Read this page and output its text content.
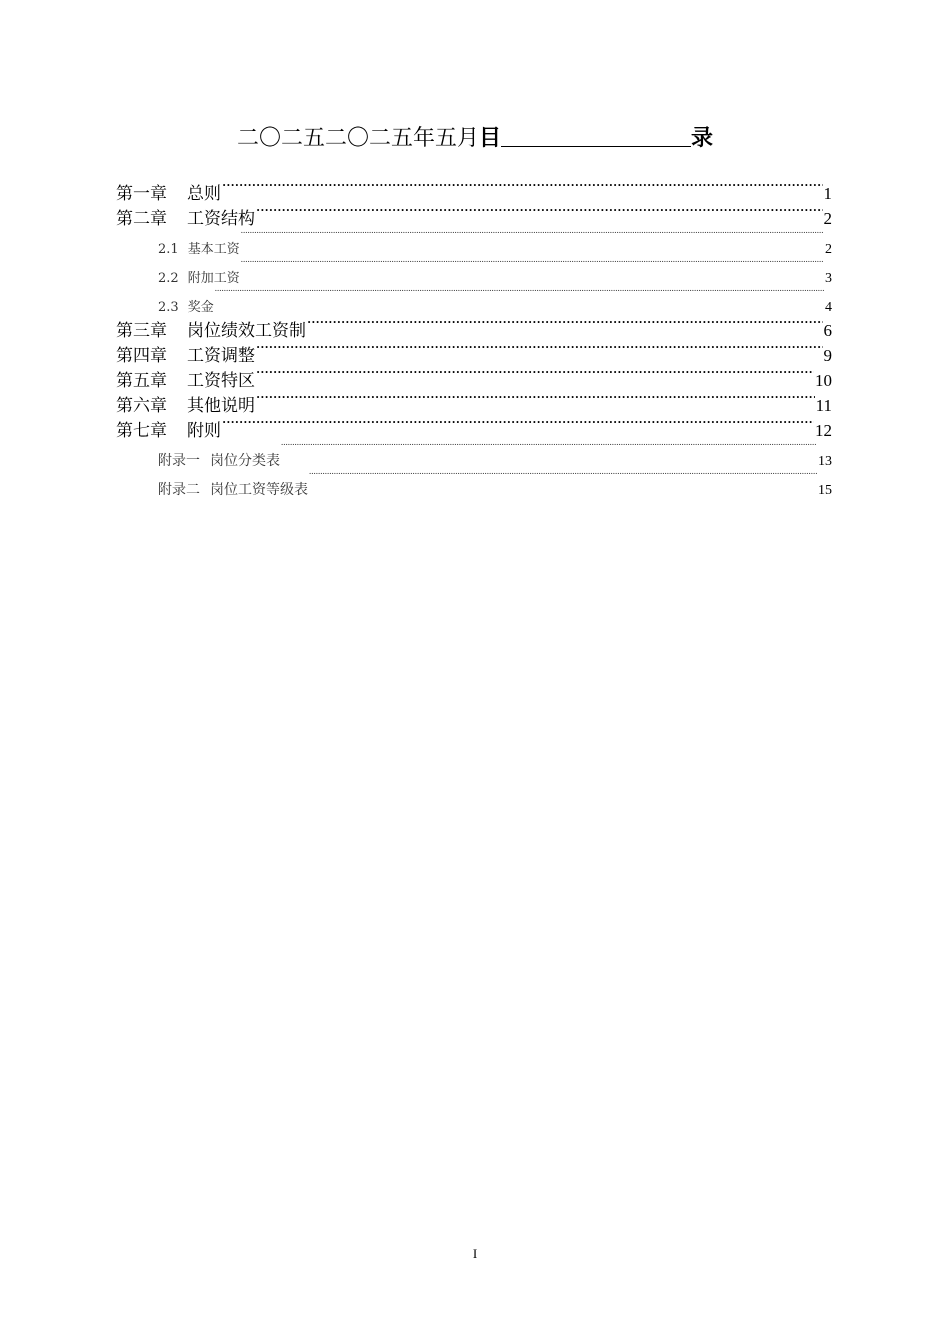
二〇二五二〇二五年五月目	录
第一章 总则 .....	1
第二章 工资结构 .....	2
2.1 基本工资 .....	2
2.2 附加工资 .....	3
2.3 奖金 .....	4
第三章 岗位绩效工资制 .....	6
第四章 工资调整 .....	9
第五章 工资特区 .....	10
第六章 其他说明 .....	11
第七章 附则 .....	12
附录一 岗位分类表 .....	13
附录二 岗位工资等级表 .....	15
I
